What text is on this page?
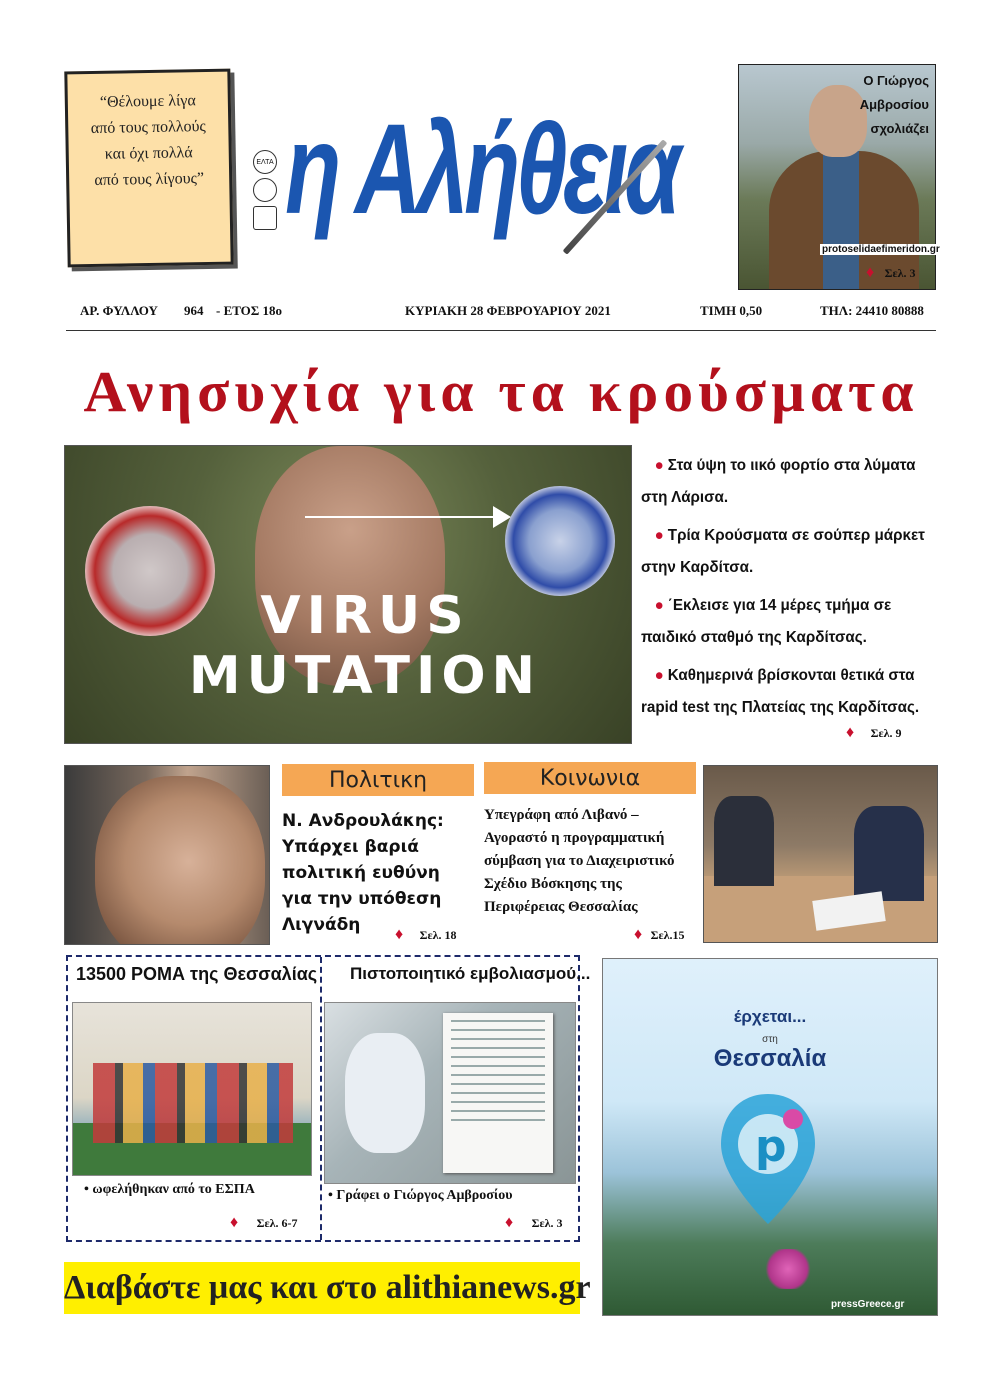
“Θέλουμε λίγα
από τους πολλούς
και όχι πολλά
από τους λίγους”
ΕΛΤΑ η Αλήθεια
Ο Γιώργος
Αμβροσίου
σχολιάζει
protoselidaefimeridon.gr
♦ Σελ. 3
ΑΡ. ΦΥΛΛΟΥ 964 - ΕΤΟΣ 18ο	ΚΥΡΙΑΚΗ 28 ΦΕΒΡΟΥΑΡΙΟΥ 2021	ΤΙΜΗ 0,50	ΤΗΛ: 24410 80888
Ανησυχία για τα κρούσματα
VIRUS
MUTATION

● Στα ύψη το ιικό φορτίο στα λύματα στη Λάρισα.

● Τρία Κρούσματα σε σούπερ μάρκετ στην Καρδίτσα.

● ΄Εκλεισε για 14 μέρες τμήμα σε παιδικό σταθμό της Καρδίτσας.

● Καθημερινά βρίσκονται θετικά στα rapid test της Πλατείας της Καρδίτσας.

♦ Σελ. 9
Πολιτικη
Ν. Ανδρουλάκης: Υπάρχει βαριά πολιτική ευθύνη για την υπόθεση Λιγνάδη	♦ Σελ. 18
Κοινωνια
Υπεγράφη από Λιβανό – Αγοραστό η προγραμματική σύμβαση για το Διαχειριστικό Σχέδιο Βόσκησης της Περιφέρειας Θεσσαλίας
♦ Σελ.15
13500 ΡΟΜΑ της Θεσσαλίας Πιστοποιητικό εμβολιασμού...
• ωφελήθηκαν από το ΕΣΠΑ
♦ Σελ. 6-7
• Γράφει ο Γιώργος Αμβροσίου
♦ Σελ. 3
Διαβάστε μας και στο alithianews.gr
έρχεται...
στη
Θεσσαλία
p
pressGreece.gr
